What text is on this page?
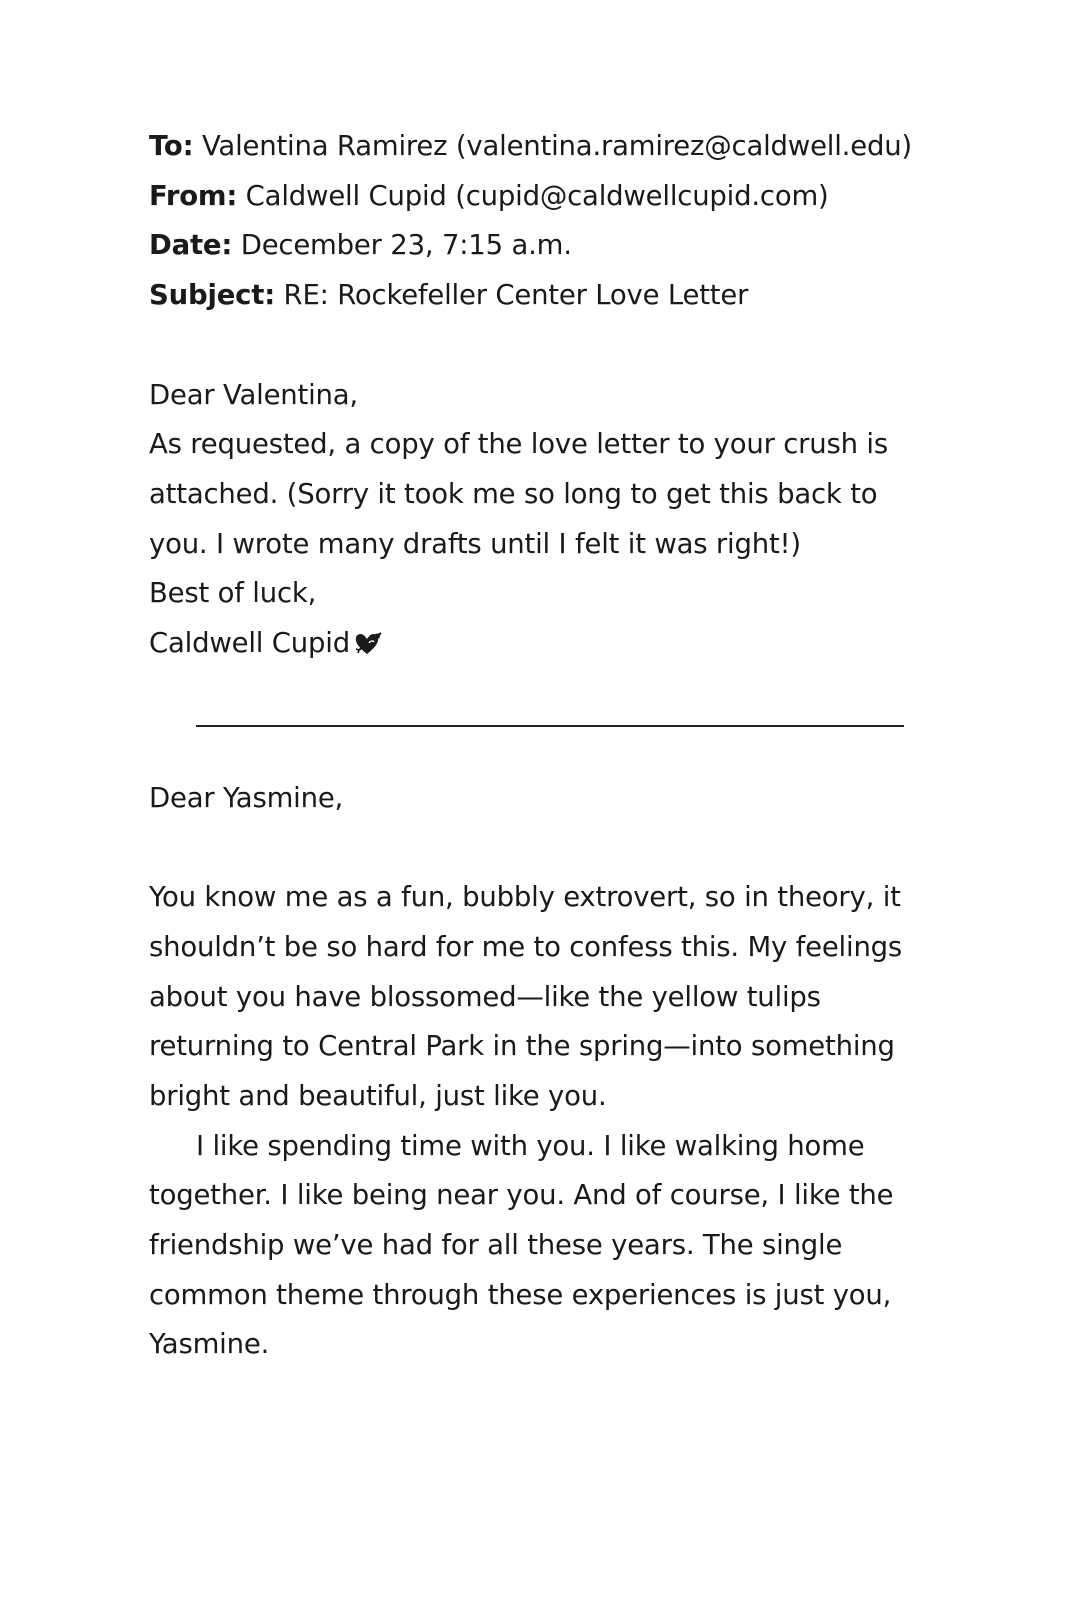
To: Valentina Ramirez (valentina.ramirez@caldwell.edu)
From: Caldwell Cupid (cupid@caldwellcupid.com)
Date: December 23, 7:15 a.m.
Subject: RE: Rockefeller Center Love Letter
Dear Valentina,
As requested, a copy of the love letter to your crush is
attached. (Sorry it took me so long to get this back to
you. I wrote many drafts until I felt it was right!)
Best of luck,
Caldwell Cupid
Dear Yasmine,
You know me as a fun, bubbly extrovert, so in theory, it
shouldn’t be so hard for me to confess this. My feelings
about you have blossomed—like the yellow tulips
returning to Central Park in the spring—into something
bright and beautiful, just like you.
I like spending time with you. I like walking home
together. I like being near you. And of course, I like the
friendship we’ve had for all these years. The single
common theme through these experiences is just you,
Yasmine.
